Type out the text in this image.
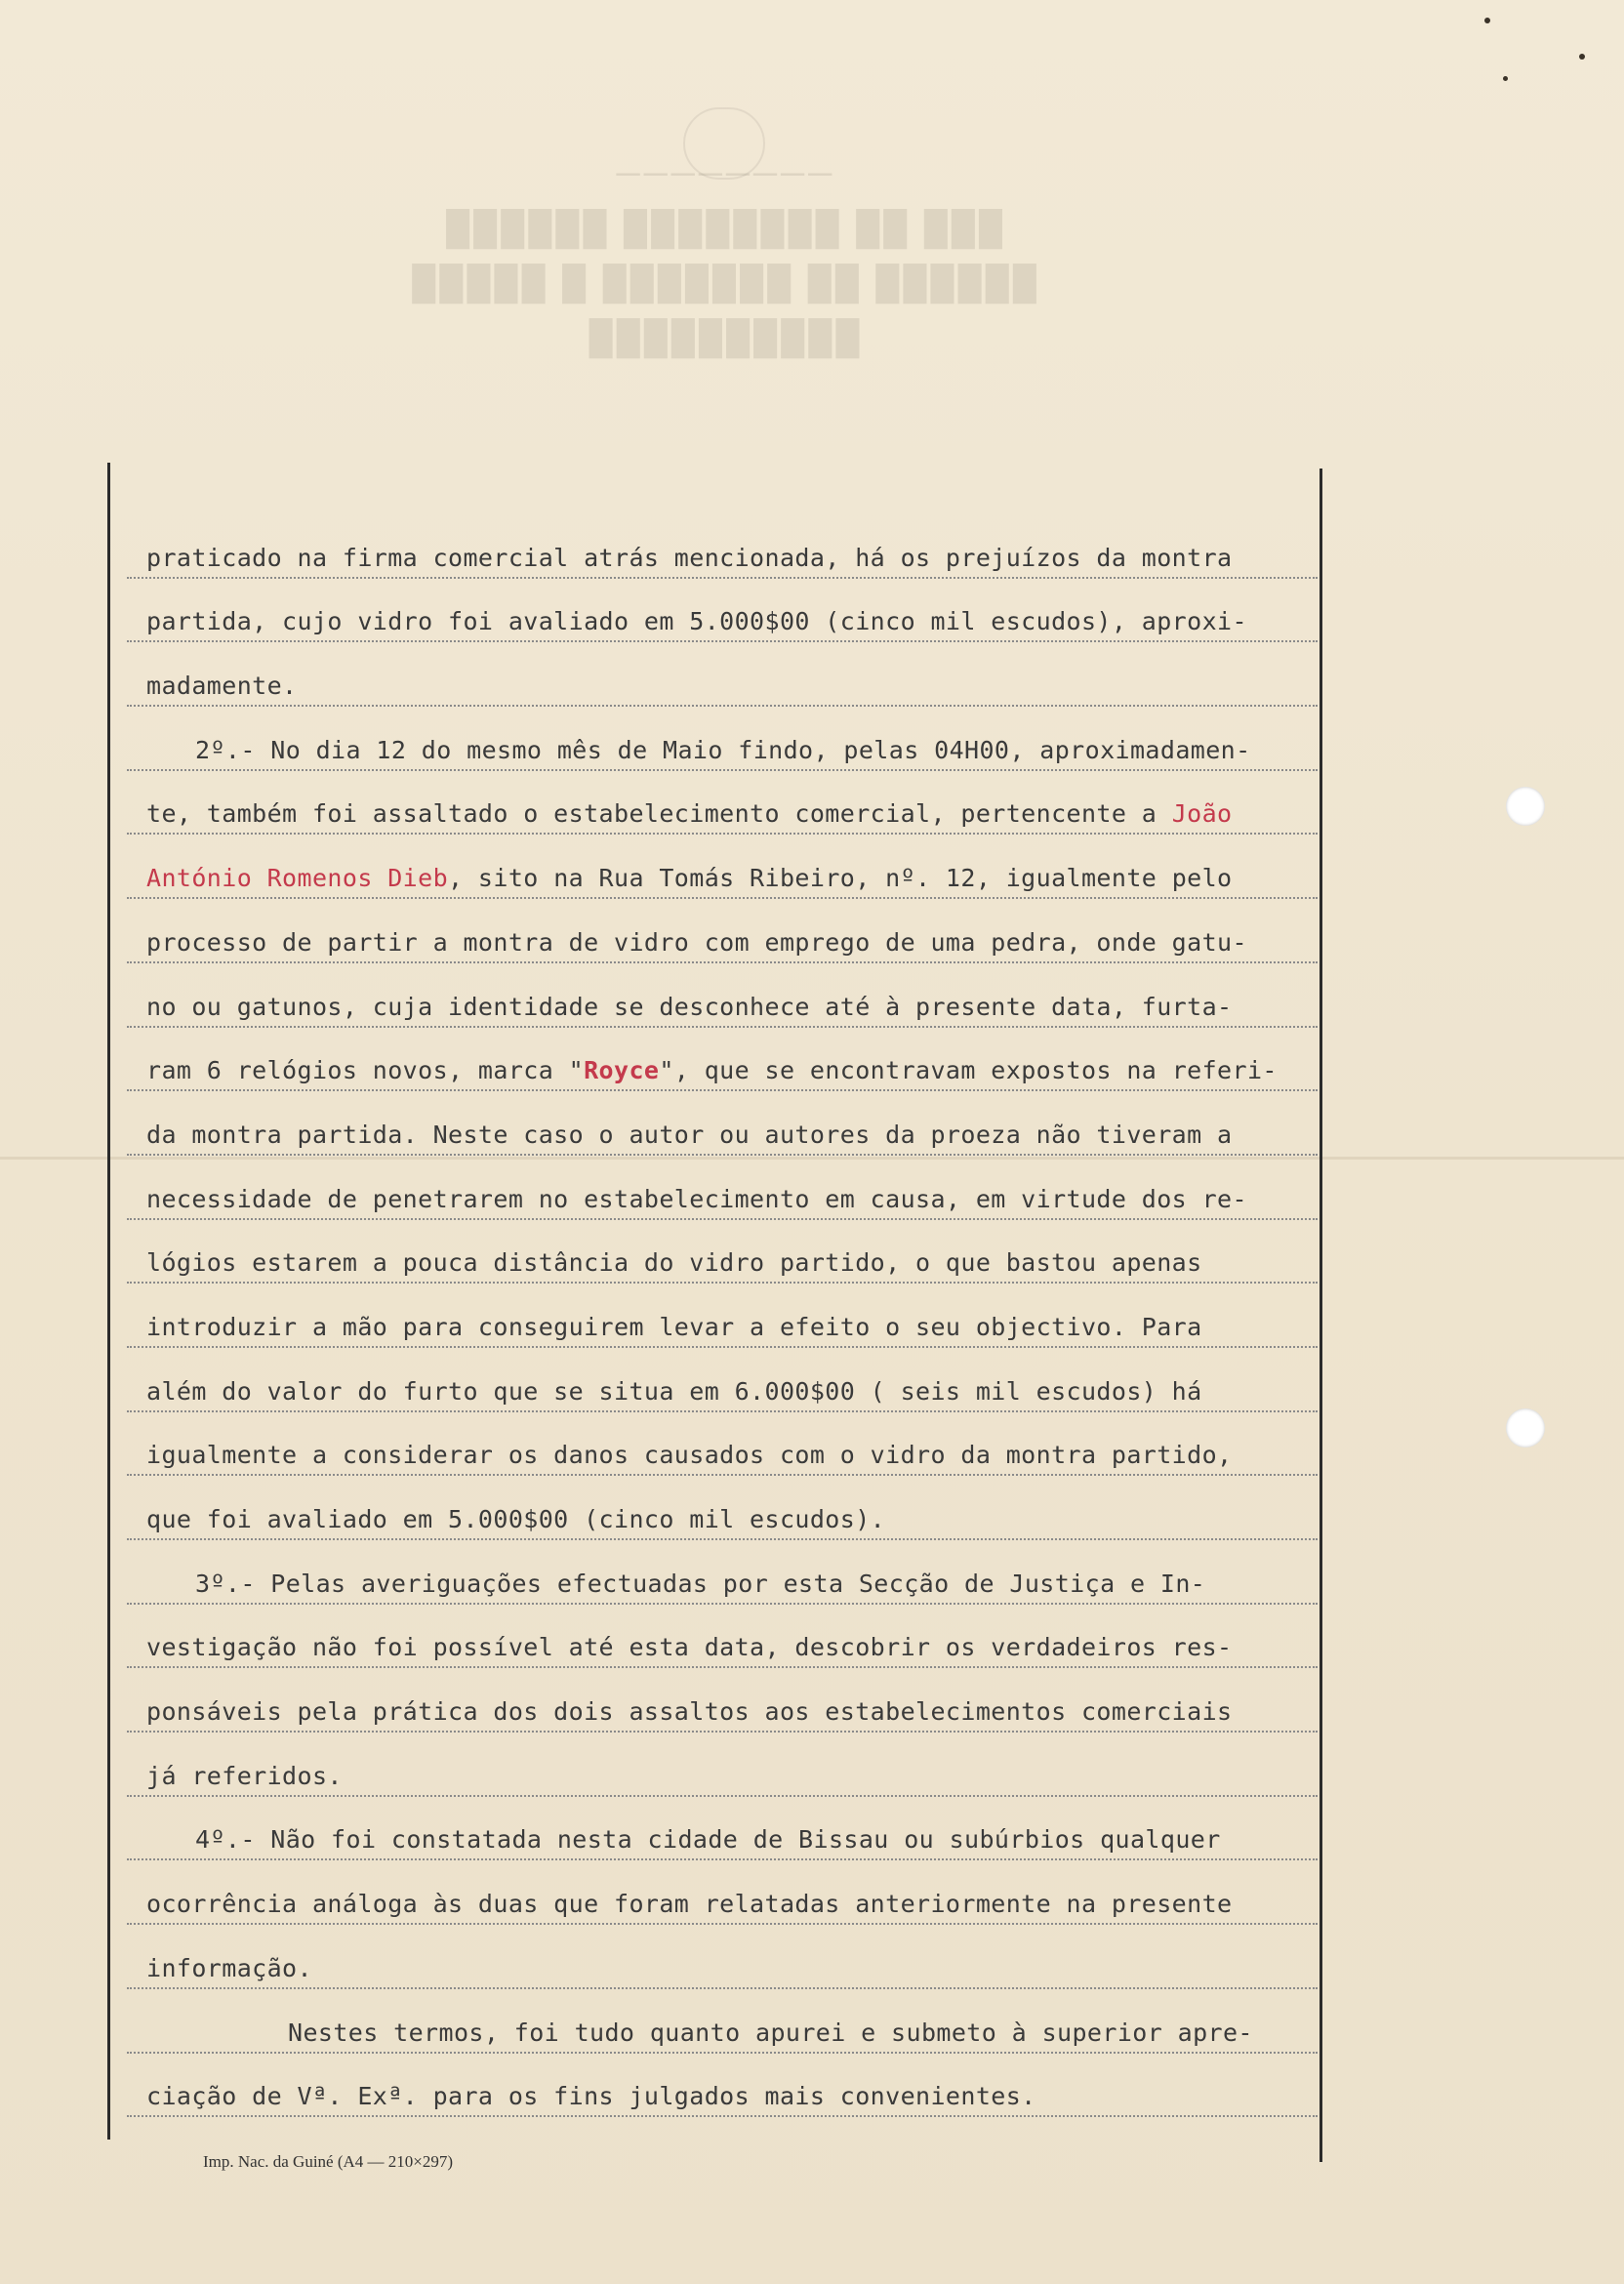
────────
███ ██ ████████ ██████
██████ ██ ███████ █ █████
██████████
praticado na firma comercial atrás mencionada, há os prejuízos da montra
partida, cujo vidro foi avaliado em 5.000$00 (cinco mil escudos), aproxi-
madamente.
2º.- No dia 12 do mesmo mês de Maio findo, pelas 04H00, aproximadamen-
te, também foi assaltado o estabelecimento comercial, pertencente a João
António Romenos Dieb, sito na Rua Tomás Ribeiro, nº. 12, igualmente pelo
processo de partir a montra de vidro com emprego de uma pedra, onde gatu-
no ou gatunos, cuja identidade se desconhece até à presente data, furta-
ram 6 relógios novos, marca "Royce", que se encontravam expostos na referi-
da montra partida. Neste caso o autor ou autores da proeza não tiveram a
necessidade de penetrarem no estabelecimento em causa, em virtude dos re-
lógios estarem a pouca distância do vidro partido, o que bastou apenas
introduzir a mão para conseguirem levar a efeito o seu objectivo. Para
além do valor do furto que se situa em 6.000$00 ( seis mil escudos) há
igualmente a considerar os danos causados com o vidro da montra partido,
que foi avaliado em 5.000$00 (cinco mil escudos).
3º.- Pelas averiguações efectuadas por esta Secção de Justiça e In-
vestigação não foi possível até esta data, descobrir os verdadeiros res-
ponsáveis pela prática dos dois assaltos aos estabelecimentos comerciais
já referidos.
4º.- Não foi constatada nesta cidade de Bissau ou subúrbios qualquer
ocorrência análoga às duas que foram relatadas anteriormente na presente
informação.
Nestes termos, foi tudo quanto apurei e submeto à superior apre-
ciação de Vª. Exª. para os fins julgados mais convenientes.
Imp. Nac. da Guiné (A4 — 210×297)
